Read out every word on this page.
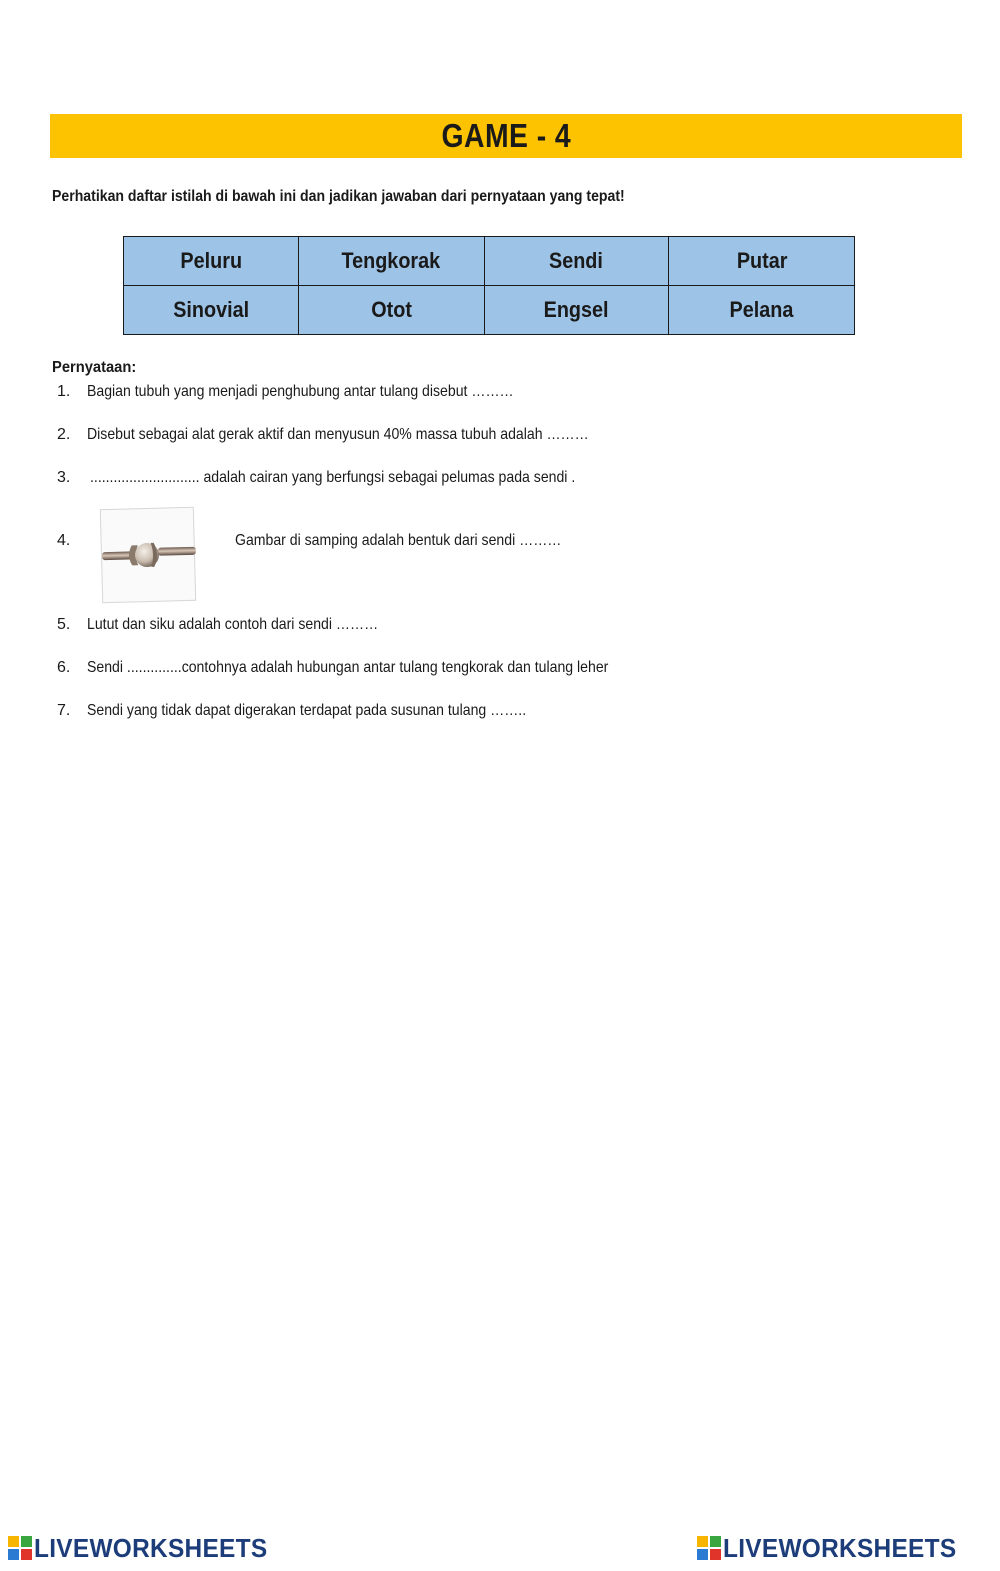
GAME - 4
Perhatikan daftar istilah di bawah ini dan jadikan jawaban dari pernyataan yang tepat!
Peluru	Tengkorak	Sendi	Putar
Sinovial	Otot	Engsel	Pelana
Pernyataan:
1.	Bagian tubuh yang menjadi penghubung antar tulang disebut ………
2.	Disebut sebagai alat gerak aktif dan menyusun 40% massa tubuh adalah ………
3.	............................ adalah cairan yang berfungsi sebagai pelumas pada sendi .
4.	Gambar di samping adalah bentuk dari sendi ………
5.	Lutut dan siku adalah contoh dari sendi ………
6.	Sendi ..............contohnya adalah hubungan antar tulang tengkorak dan tulang leher
7.	Sendi yang tidak dapat digerakan terdapat pada susunan tulang ……..
LIVEWORKSHEETS	LIVEWORKSHEETS
